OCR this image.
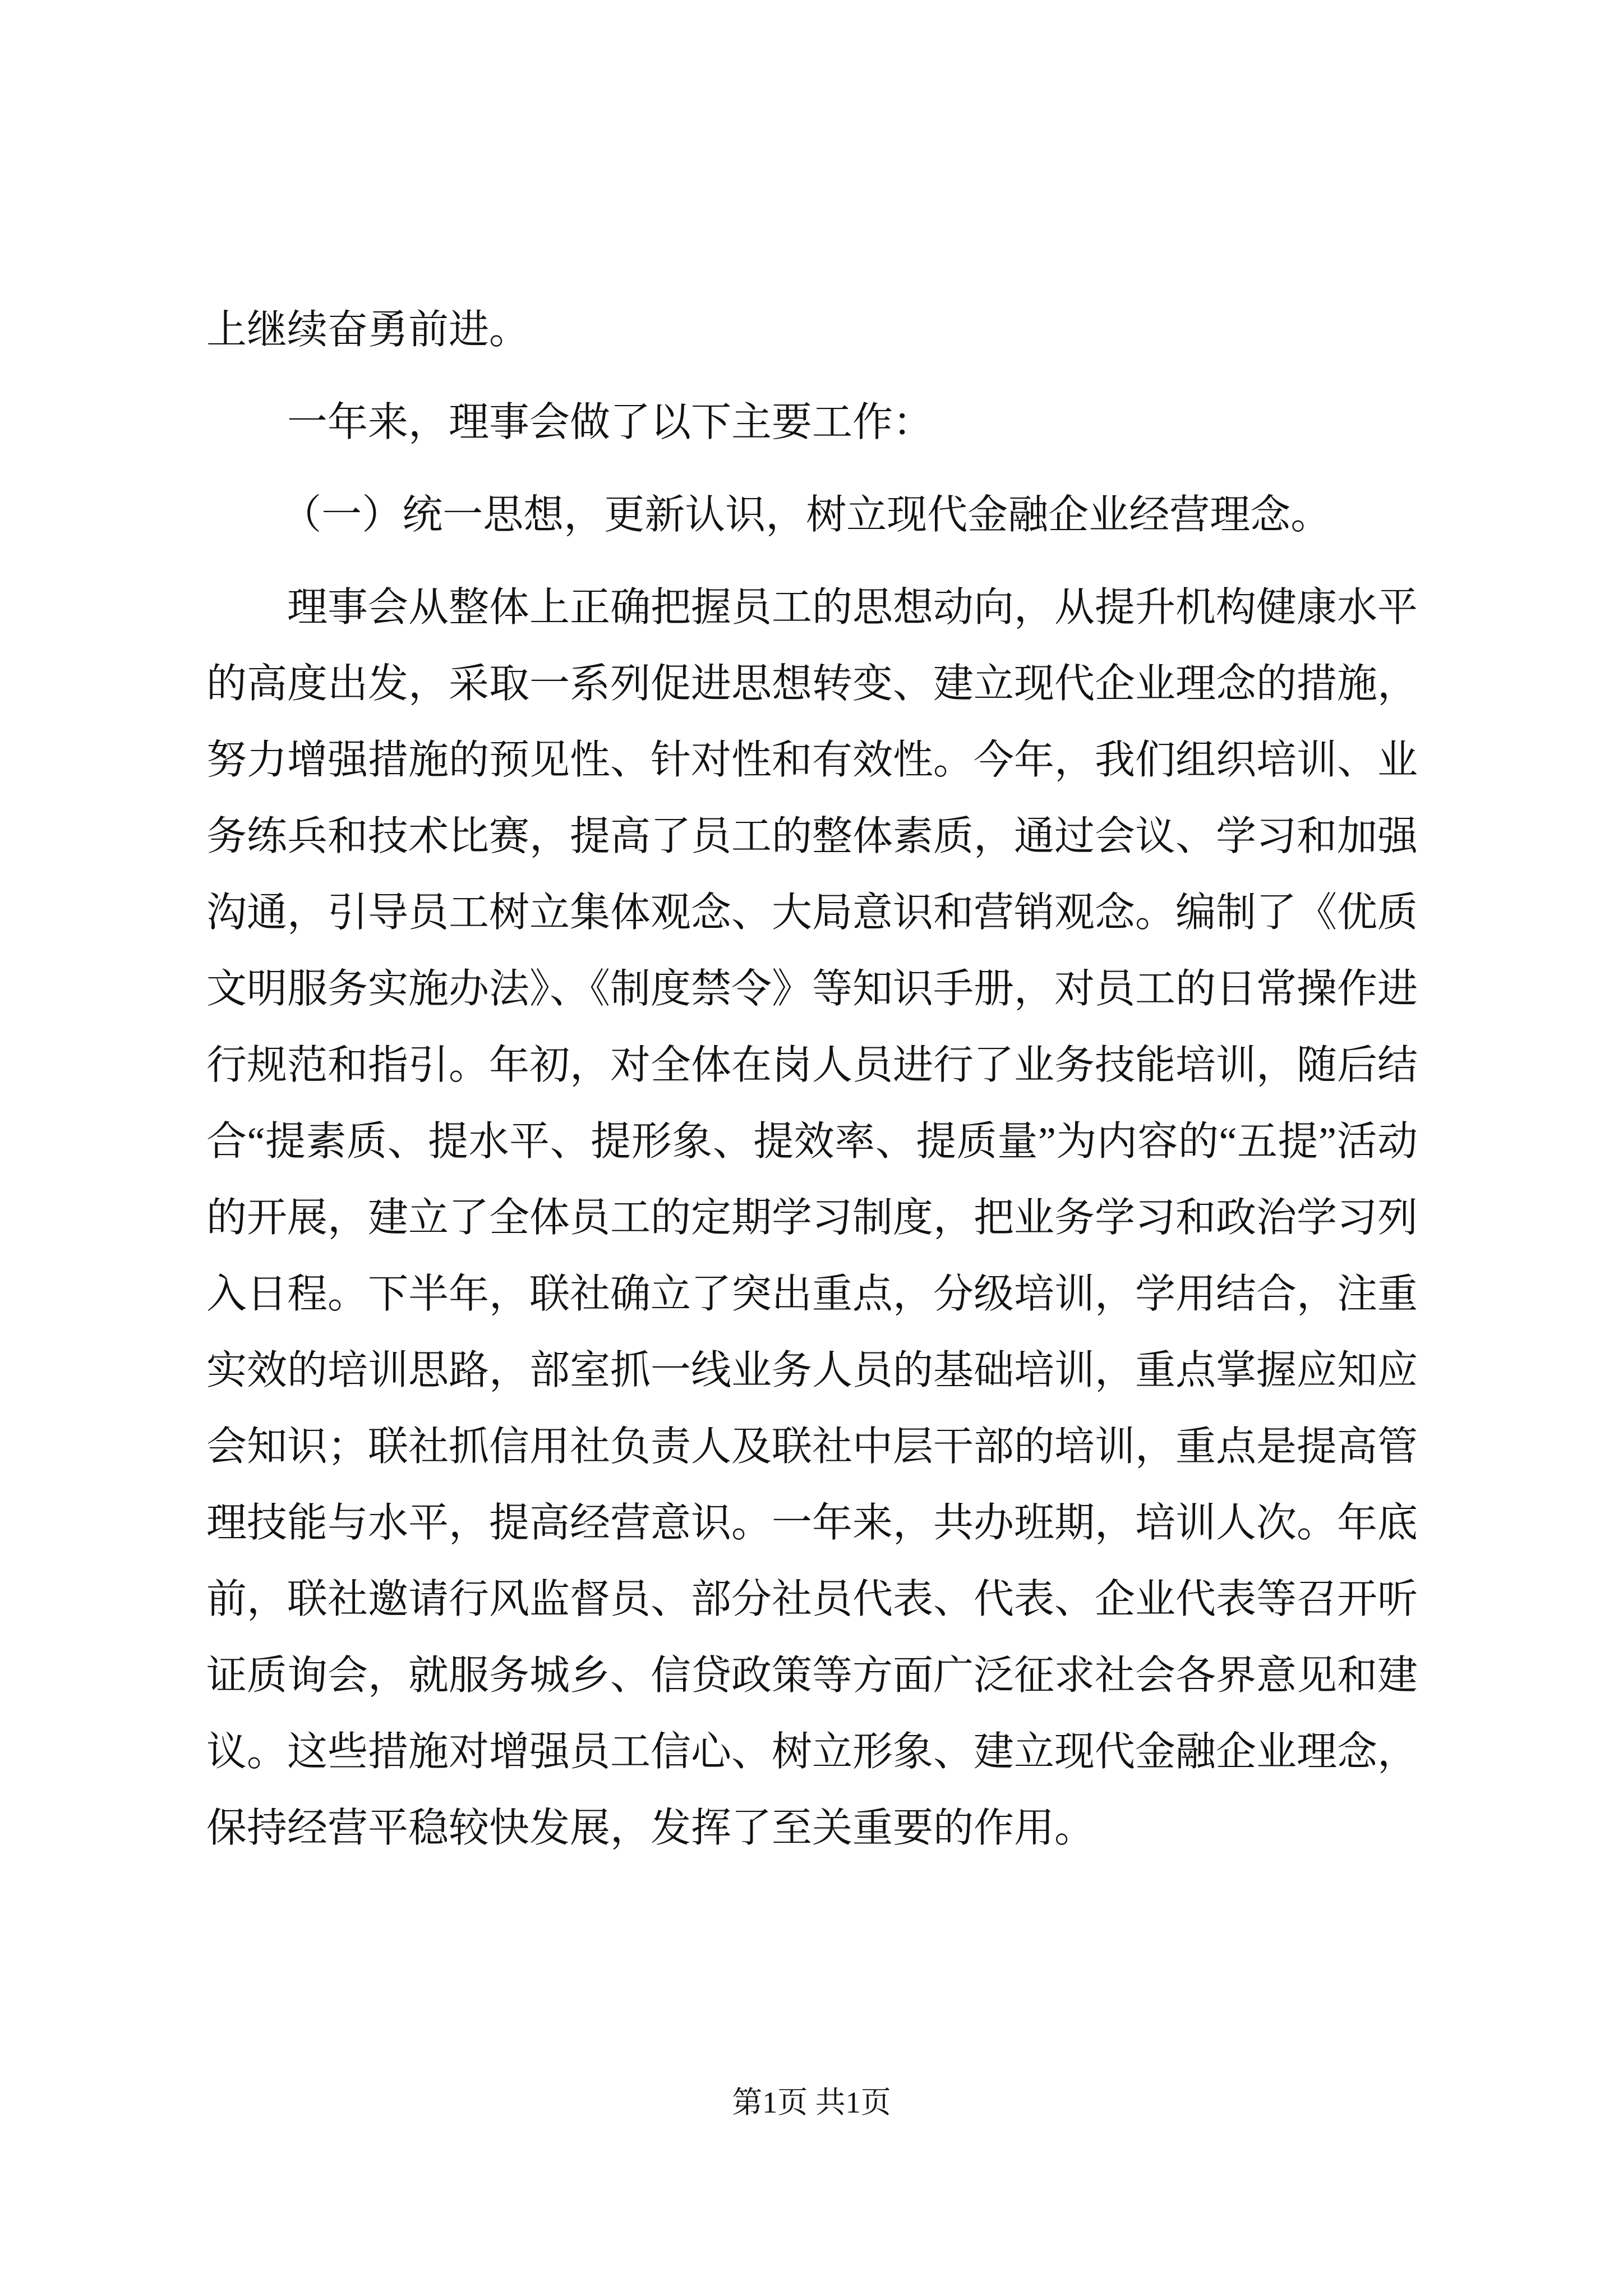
上继续奋勇前进。

一年来，理事会做了以下主要工作：

（一）统一思想，更新认识，树立现代金融企业经营理念。

理事会从整体上正确把握员工的思想动向，从提升机构健康水平的高度出发，采取一系列促进思想转变、建立现代企业理念的措施，努力增强措施的预见性、针对性和有效性。今年，我们组织培训、业务练兵和技术比赛，提高了员工的整体素质，通过会议、学习和加强沟通，引导员工树立集体观念、大局意识和营销观念。编制了《优质文明服务实施办法》、《制度禁令》等知识手册，对员工的日常操作进行规范和指引。年初，对全体在岗人员进行了业务技能培训，随后结合“提素质、提水平、提形象、提效率、提质量”为内容的“五提”活动的开展，建立了全体员工的定期学习制度，把业务学习和政治学习列入日程。下半年，联社确立了突出重点，分级培训，学用结合，注重实效的培训思路，部室抓一线业务人员的基础培训，重点掌握应知应会知识；联社抓信用社负责人及联社中层干部的培训，重点是提高管理技能与水平，提高经营意识。一年来，共办班期，培训人次。年底前，联社邀请行风监督员、部分社员代表、代表、企业代表等召开听证质询会，就服务城乡、信贷政策等方面广泛征求社会各界意见和建议。这些措施对增强员工信心、树立形象、建立现代金融企业理念，保持经营平稳较快发展，发挥了至关重要的作用。

第1页 共1页
